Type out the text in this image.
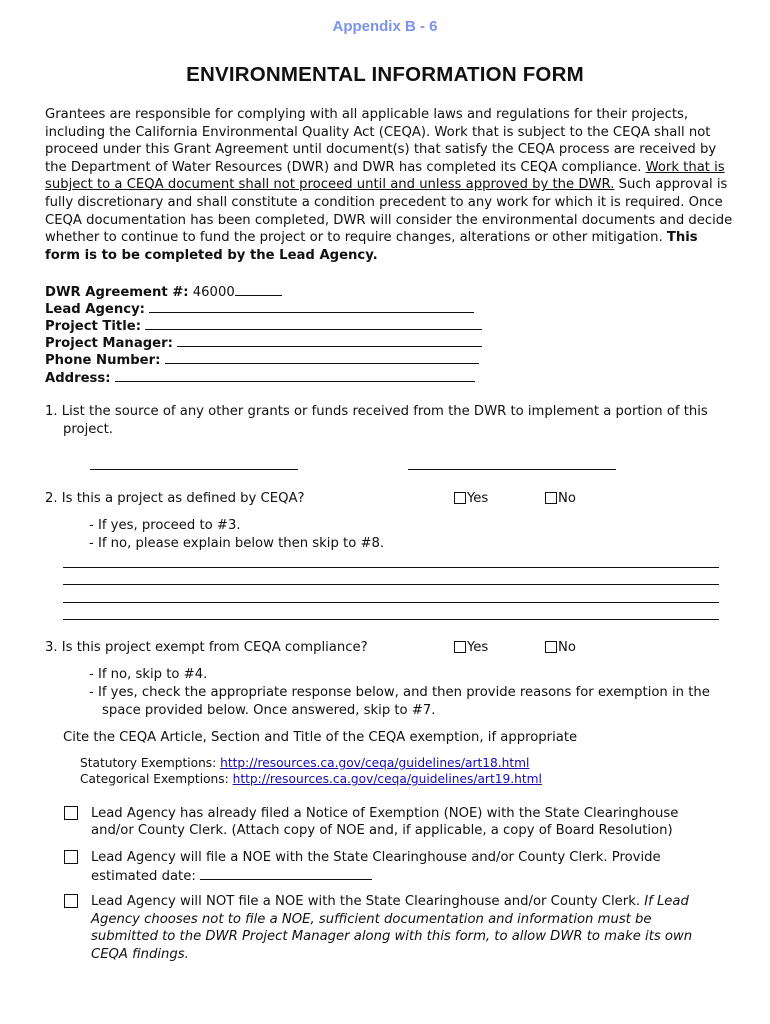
Appendix B - 6
ENVIRONMENTAL INFORMATION FORM
Grantees are responsible for complying with all applicable laws and regulations for their projects, including the California Environmental Quality Act (CEQA). Work that is subject to the CEQA shall not proceed under this Grant Agreement until document(s) that satisfy the CEQA process are received by the Department of Water Resources (DWR) and DWR has completed its CEQA compliance. Work that is subject to a CEQA document shall not proceed until and unless approved by the DWR. Such approval is fully discretionary and shall constitute a condition precedent to any work for which it is required. Once CEQA documentation has been completed, DWR will consider the environmental documents and decide whether to continue to fund the project or to require changes, alterations or other mitigation. This form is to be completed by the Lead Agency.
DWR Agreement #: 46000
Lead Agency:
Project Title:
Project Manager:
Phone Number:
Address:
1. List the source of any other grants or funds received from the DWR to implement a portion of this
project.
2. Is this a project as defined by CEQA?	Yes	No
- If yes, proceed to #3.
- If no, please explain below then skip to #8.
3. Is this project exempt from CEQA compliance?	Yes	No
- If no, skip to #4.
- If yes, check the appropriate response below, and then provide reasons for exemption in the
space provided below. Once answered, skip to #7.
Cite the CEQA Article, Section and Title of the CEQA exemption, if appropriate
Statutory Exemptions: http://resources.ca.gov/ceqa/guidelines/art18.html
Categorical Exemptions: http://resources.ca.gov/ceqa/guidelines/art19.html
Lead Agency has already filed a Notice of Exemption (NOE) with the State Clearinghouse
and/or County Clerk. (Attach copy of NOE and, if applicable, a copy of Board Resolution)
Lead Agency will file a NOE with the State Clearinghouse and/or County Clerk. Provide
estimated date:
Lead Agency will NOT file a NOE with the State Clearinghouse and/or County Clerk. If Lead
Agency chooses not to file a NOE, sufficient documentation and information must be
submitted to the DWR Project Manager along with this form, to allow DWR to make its own
CEQA findings.
